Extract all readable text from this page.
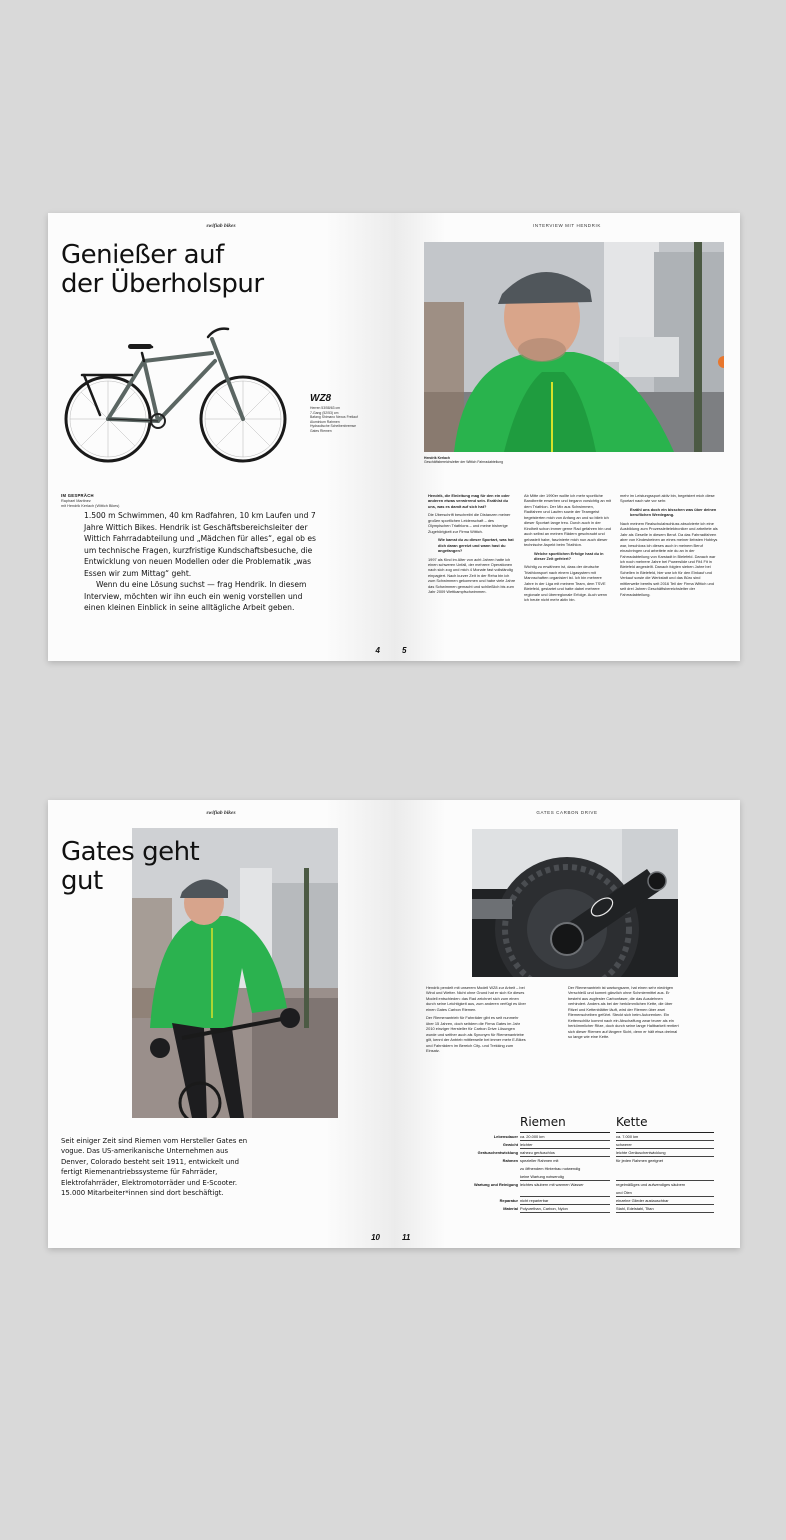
swifiab bikes
Genießer auf
der Überholspur
WZ8
Herren 53/58/63 cm
7-Gang (52/53) cm
Bafang Shimano Nexus Freilauf
Aluminium Rahmen
Hydraulische Scheibenbremse
Gates Riemen
IM GESPRÄCH
Raphael Martinez
mit Hendrik Kerlach (Wittich Bikes)

1.500 m Schwimmen, 40 km Radfahren, 10 km Laufen und 7 Jahre Wittich Bikes. Hendrik ist Geschäftsbereichsleiter der Wittich Fahrradabteilung und „Mädchen für alles“, egal ob es um technische Fragen, kurzfristige Kundschaftsbesuche, die Entwicklung von neuen Modellen oder die Problematik „was Essen wir zum Mittag“ geht.

Wenn du eine Lösung suchst — frag Hendrik. In diesem Interview, möchten wir ihn euch ein wenig vorstellen und einen kleinen Einblick in seine alltägliche Arbeit geben.

4
INTERVIEW MIT HENDRIK
Hendrik Kerlach
Geschäftsbereichsleiter der Wittich Fahrradabteilung

Hendrik, die Einleitung mag für den ein oder anderen etwas verwirrend sein. Erzählst du uns, was es damit auf sich hat?

Die Überschrift beschreibt die Distanzen meiner großen sportlichen Leidenschaft – des Olympischen Triathlons – und meine bisherige Zugehörigkeit zur Firma Wittich.

Wie kamst du zu dieser Sportart, was hat dich daran gereizt und wann hast du angefangen?

1997 als Kind im Alter von acht Jahren hatte ich einen schweren Unfall, der mehrere Operationen nach sich zog und mich 4 Monate fast vollständig einpagiert. Nach kurzer Zeit in der Reha bin ich zum Schwimmen gekommen und habe viele Jahre das Schwimmen gemacht und schließlich bis zum Jahr 2009 Wettkampfschwimmen.

Ab Mitte der 1990er wollte ich mehr sportliche Bandbreite erwerben und begann vorsichtig an mit dem Triathlon. Der Mix aus Schwimmen, Radfahren und Laufen sowie der Teamgeist begeisterten mich von Anfang an und so blieb ich dieser Sportart lange treu. Durch auch in der Kindheit schon immer gerne Rad gefahren bin und auch selbst an meinen Rädern geschraubt und gebastelt habe, faszinierte mich nun auch dieser technische Aspekt beim Triathlon.

Welche sportlichen Erfolge hast du in dieser Zeit gefeiert?

Wichtig zu erwähnen ist, dass der deutsche Triathlonsport nach einem Ligasystem mit Mannschaften organisiert ist. Ich bin mehrere Jahre in der Liga mit meinem Team, dem TSVE Bielefeld, gestartet und hatte dabei mehrere regionale und überregionale Erfolge. Auch wenn ich heute nicht mehr aktiv bin.

mehr im Leistungssport aktiv bin, begeistert mich diese Sportart nach wie vor sehr.

Erzähl uns doch ein bisschen was über deinen beruflichen Werdegang.

Nach meinem Realschulabschluss absolvierte ich eine Ausbildung zum Prozessleitelektroniker und arbeitete als Jahr als Geselle in diesem Beruf. Da das Fahrradfahren aber von Kindesbeinen an eines meiner liebsten Hobbys war, beschloss ich dieses auch in meinem Beruf einzubringen und arbeitete wie du an in der Fahrradabteilung von Karstadt in Bielefeld. Danach war ich noch mehrere Jahre bei Powerslide und Fit4 Fit in Bielefeld angestellt. Danach folgten sieben Jahre bei Schellen in Bielefeld, hier war ich für den Einkauf und Verkauf sowie die Werkstatt und das Büro sind mittlerweile bereits seit 2016 Teil der Firma Wittich und seit drei Jahren Geschäftsbereichsleiter der Fahrradabteilung.

5
swifiab bikes
Gates geht
gut

Seit einiger Zeit sind Riemen vom Hersteller Gates en vogue. Das US-amerikanische Unternehmen aus Denver, Colorado besteht seit 1911, entwickelt und fertigt Riemenantriebssysteme für Fahrräder, Elektrofahrräder, Elektromotorräder und E-Scooter. 15.000 Mitarbeiter*innen sind dort beschäftigt.

10
GATES CARBON DRIVE

Hendrik pendelt mit unserem Modell WZ8 zur Arbeit – bei Wind und Wetter. Nicht ohne Grund hat er sich für dieses Modell entschieden: das Rad zeichnet sich zum einen durch seine Leichtigkeit aus, zum anderen verfügt es über einen Gates Carbon Riemen.

Der Riemenantrieb für Fahrräder gibt es seit nunmehr über 15 Jahren, doch seitdem die Firma Gates im Jahr 2010 einziger Hersteller für Carbon Drive Lösungen wurde und seither auch als Synonym für Riemenantriebe gilt, kennt der Antrieb mittlerweile bei immer mehr E-Bikes und Fahrrädern im Bereich City- und Trekking zum Einsatz.

Der Riemenantrieb ist wartungsarm, hat einen sehr niedrigen Verschleiß und kommt gänzlich ohne Schmiermittel aus. Er besteht aus zugfester Carbonfaser, die das Ausdehnen verhindert. Anders als bei der herkömmlichen Kette, die über Ritzel und Kettenblätter läuft, wird der Riemen über zwei Riemenscheiben geführt. Steckt sich beim Autorenken. Ein Kettenschlitz kommt nach ein Abschaffung zwar teurer als ein herkömmlicher Ritze, doch durch seine lange Haltbarkeit rentiert sich dieser Riemen auf längere Sicht, denn er hält etwa dreimal so lange wie eine Kette.

Riemen	Kette
Lebensdauer ca. 20.000 km	ca. 7.000 km
Gewicht leichter	schwerer
Geräuschentwicklung nahezu geräuschlos	leichte Geräuschentwicklung
Rahmen spezieller Rahmen mit	für jeden Rahmen geeignet
zu öffnendem Hinterbau notwendig
keine Wartung notwendig
Wartung und Reinigung leichtes säubern mit warmen Wasser	regelmäßiges und aufwendiges säubern
und Ölen
Reparatur nicht reparierbar	einzelne Glieder austauschbar
Material Polyurethan, Carbon, Nylon	Stahl, Edelstahl, Titan
11
